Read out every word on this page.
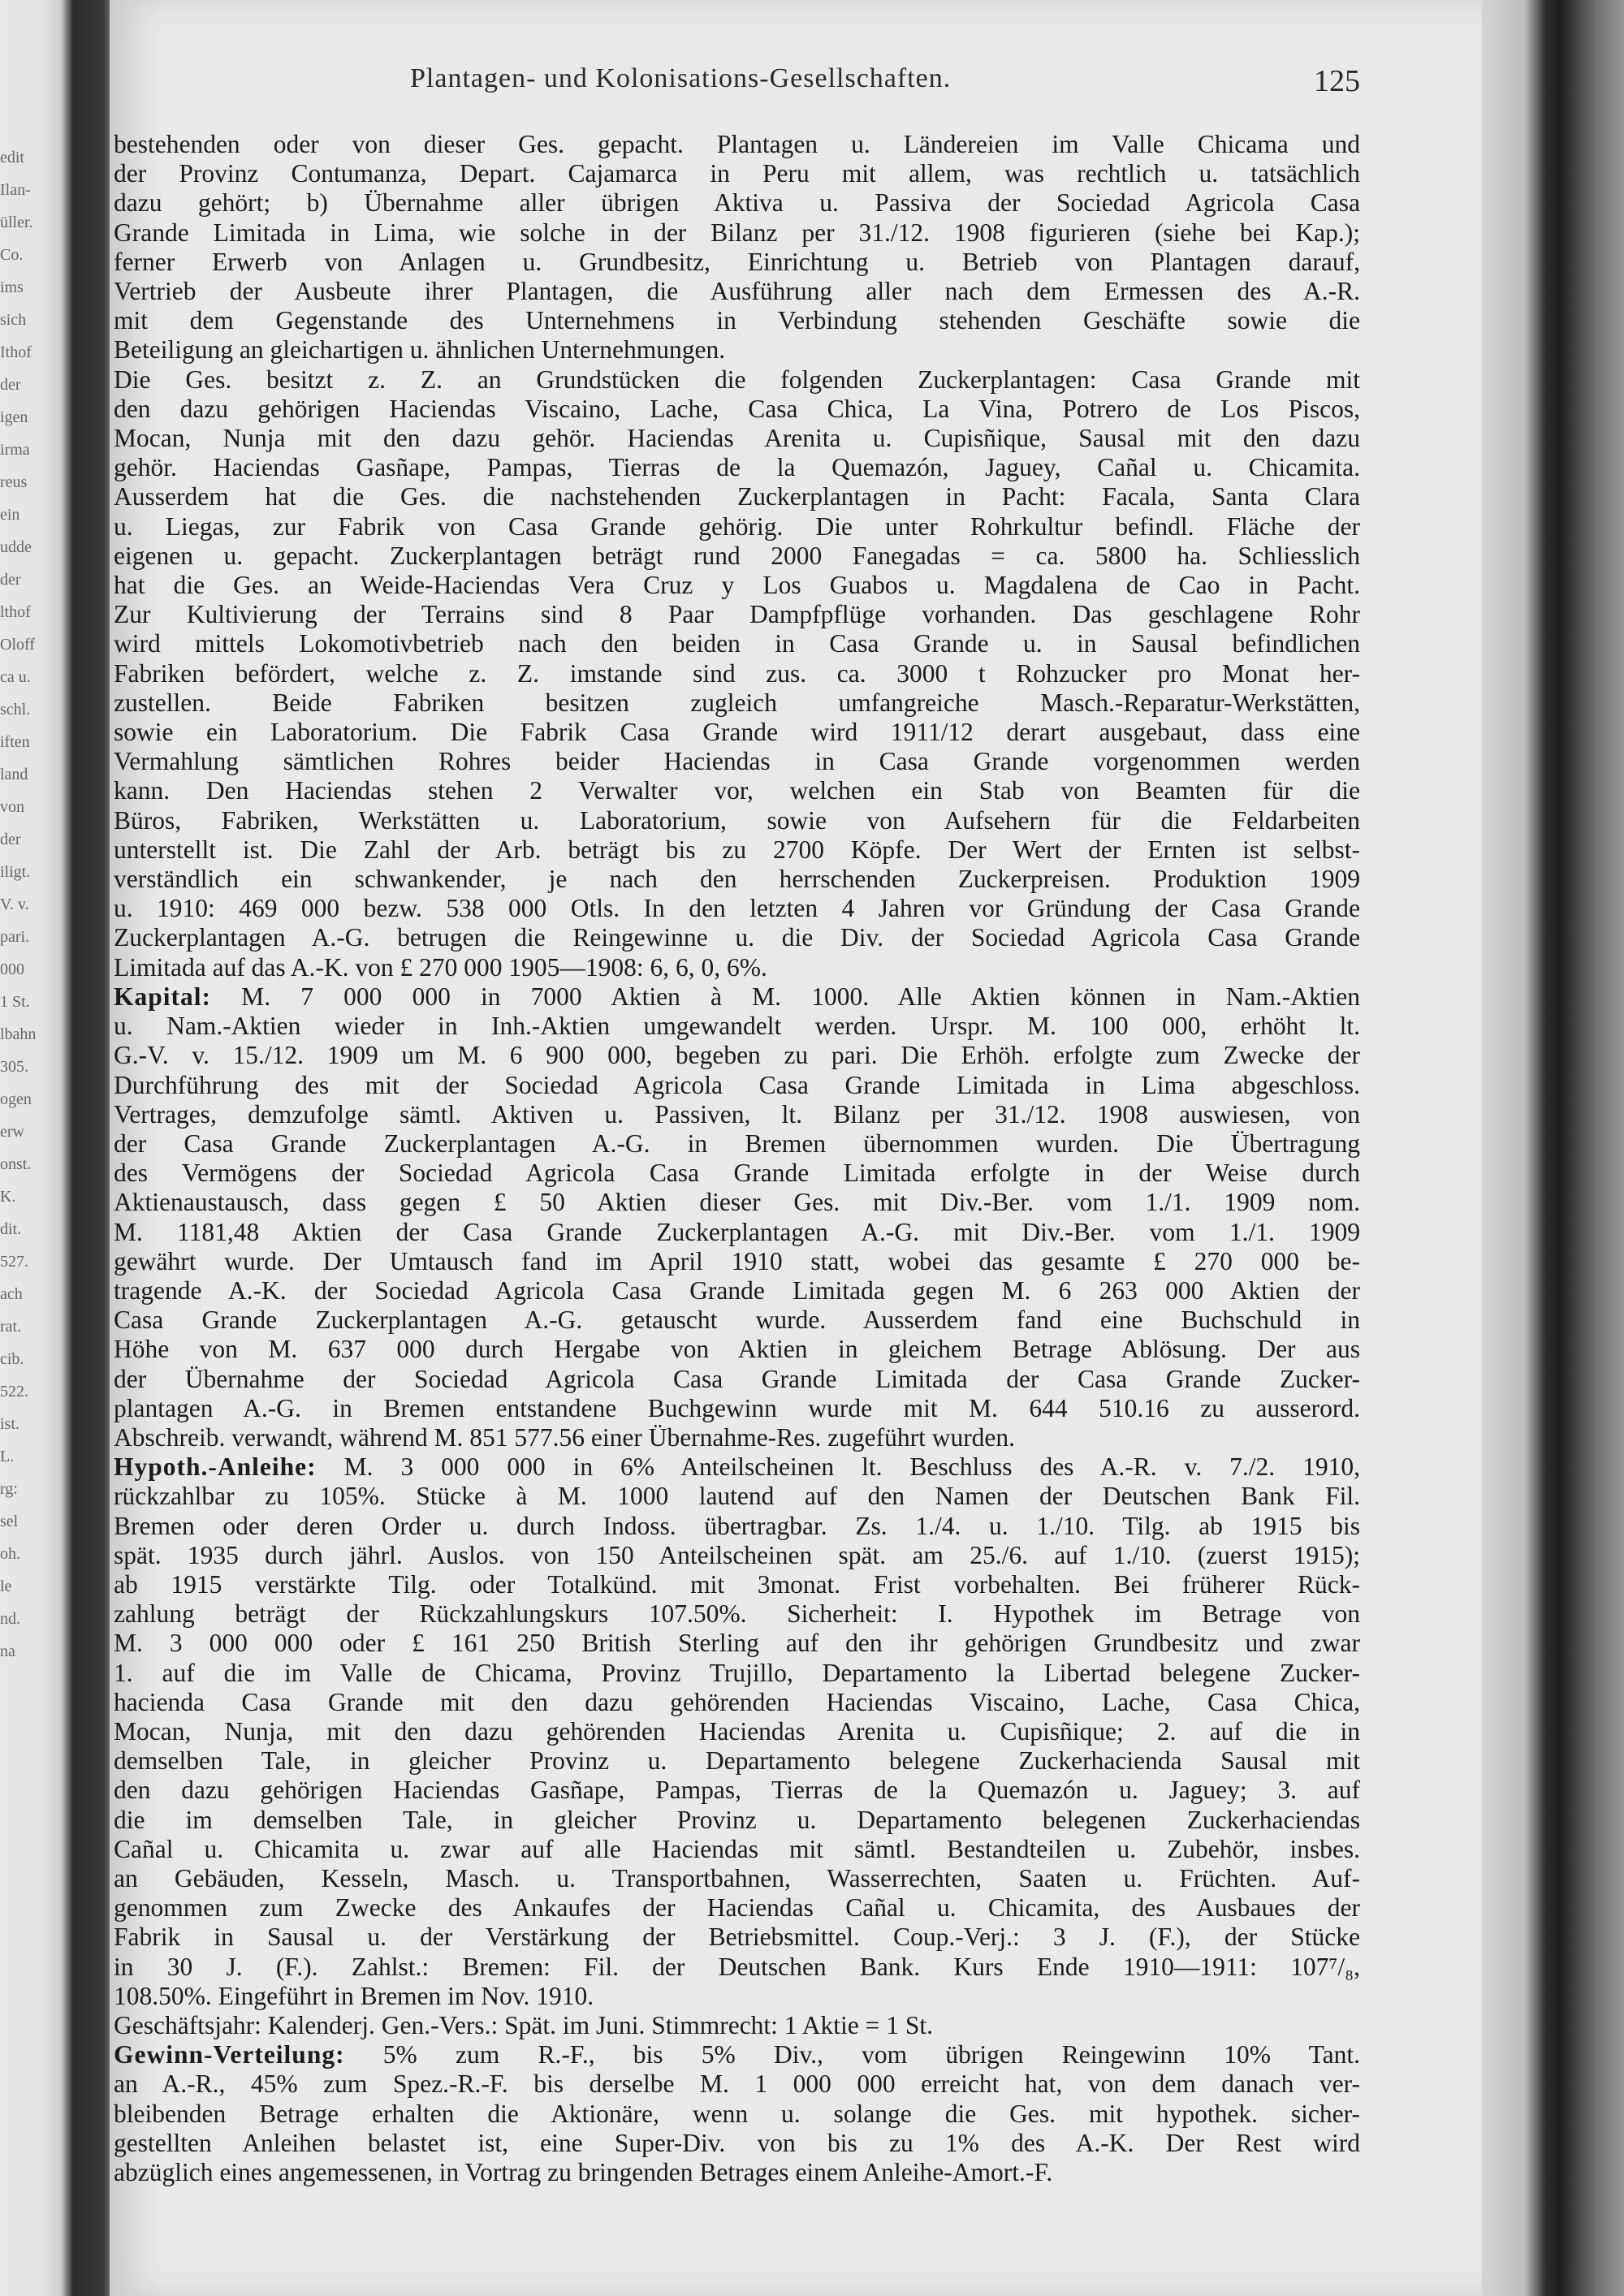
edit
Ilan-
üller.
Co.
ims
sich
Ithof
der
igen
irma
reus
ein
udde
der
lthof
Oloff
ca u.
schl.
iften
land
von
der
iligt.
V. v.
pari.
000
1 St.
lbahn
305.
ogen
erw
onst.
K.
dit.
527.
ach
rat.
cib.
522.
ist.
L.
rg:
sel
oh.
le
nd.
na
Plantagen- und Kolonisations-Gesellschaften.	125

bestehenden oder von dieser Ges. gepacht. Plantagen u. Ländereien im Valle Chicama und

der Provinz Contumanza, Depart. Cajamarca in Peru mit allem, was rechtlich u. tatsächlich

dazu gehört; b) Übernahme aller übrigen Aktiva u. Passiva der Sociedad Agricola Casa

Grande Limitada in Lima, wie solche in der Bilanz per 31./12. 1908 figurieren (siehe bei Kap.);

ferner Erwerb von Anlagen u. Grundbesitz, Einrichtung u. Betrieb von Plantagen darauf,

Vertrieb der Ausbeute ihrer Plantagen, die Ausführung aller nach dem Ermessen des A.-R.

mit dem Gegenstande des Unternehmens in Verbindung stehenden Geschäfte sowie die

Beteiligung an gleichartigen u. ähnlichen Unternehmungen.

Die Ges. besitzt z. Z. an Grundstücken die folgenden Zuckerplantagen: Casa Grande mit

den dazu gehörigen Haciendas Viscaino, Lache, Casa Chica, La Vina, Potrero de Los Piscos,

Mocan, Nunja mit den dazu gehör. Haciendas Arenita u. Cupisñique, Sausal mit den dazu

gehör. Haciendas Gasñape, Pampas, Tierras de la Quemazón, Jaguey, Cañal u. Chicamita.

Ausserdem hat die Ges. die nachstehenden Zuckerplantagen in Pacht: Facala, Santa Clara

u. Liegas, zur Fabrik von Casa Grande gehörig. Die unter Rohrkultur befindl. Fläche der

eigenen u. gepacht. Zuckerplantagen beträgt rund 2000 Fanegadas = ca. 5800 ha. Schliesslich

hat die Ges. an Weide-Haciendas Vera Cruz y Los Guabos u. Magdalena de Cao in Pacht.

Zur Kultivierung der Terrains sind 8 Paar Dampfpflüge vorhanden. Das geschlagene Rohr

wird mittels Lokomotivbetrieb nach den beiden in Casa Grande u. in Sausal befindlichen

Fabriken befördert, welche z. Z. imstande sind zus. ca. 3000 t Rohzucker pro Monat her-

zustellen. Beide Fabriken besitzen zugleich umfangreiche Masch.-Reparatur-Werkstätten,

sowie ein Laboratorium. Die Fabrik Casa Grande wird 1911/12 derart ausgebaut, dass eine

Vermahlung sämtlichen Rohres beider Haciendas in Casa Grande vorgenommen werden

kann. Den Haciendas stehen 2 Verwalter vor, welchen ein Stab von Beamten für die

Büros, Fabriken, Werkstätten u. Laboratorium, sowie von Aufsehern für die Feldarbeiten

unterstellt ist. Die Zahl der Arb. beträgt bis zu 2700 Köpfe. Der Wert der Ernten ist selbst-

verständlich ein schwankender, je nach den herrschenden Zuckerpreisen. Produktion 1909

u. 1910: 469 000 bezw. 538 000 Otls. In den letzten 4 Jahren vor Gründung der Casa Grande

Zuckerplantagen A.-G. betrugen die Reingewinne u. die Div. der Sociedad Agricola Casa Grande

Limitada auf das A.-K. von £ 270 000 1905—1908: 6, 6, 0, 6%.

Kapital: M. 7 000 000 in 7000 Aktien à M. 1000. Alle Aktien können in Nam.-Aktien

u. Nam.-Aktien wieder in Inh.-Aktien umgewandelt werden. Urspr. M. 100 000, erhöht lt.

G.-V. v. 15./12. 1909 um M. 6 900 000, begeben zu pari. Die Erhöh. erfolgte zum Zwecke der

Durchführung des mit der Sociedad Agricola Casa Grande Limitada in Lima abgeschloss.

Vertrages, demzufolge sämtl. Aktiven u. Passiven, lt. Bilanz per 31./12. 1908 auswiesen, von

der Casa Grande Zuckerplantagen A.-G. in Bremen übernommen wurden. Die Übertragung

des Vermögens der Sociedad Agricola Casa Grande Limitada erfolgte in der Weise durch

Aktienaustausch, dass gegen £ 50 Aktien dieser Ges. mit Div.-Ber. vom 1./1. 1909 nom.

M. 1181,48 Aktien der Casa Grande Zuckerplantagen A.-G. mit Div.-Ber. vom 1./1. 1909

gewährt wurde. Der Umtausch fand im April 1910 statt, wobei das gesamte £ 270 000 be-

tragende A.-K. der Sociedad Agricola Casa Grande Limitada gegen M. 6 263 000 Aktien der

Casa Grande Zuckerplantagen A.-G. getauscht wurde. Ausserdem fand eine Buchschuld in

Höhe von M. 637 000 durch Hergabe von Aktien in gleichem Betrage Ablösung. Der aus

der Übernahme der Sociedad Agricola Casa Grande Limitada der Casa Grande Zucker-

plantagen A.-G. in Bremen entstandene Buchgewinn wurde mit M. 644 510.16 zu ausserord.

Abschreib. verwandt, während M. 851 577.56 einer Übernahme-Res. zugeführt wurden.

Hypoth.-Anleihe: M. 3 000 000 in 6% Anteilscheinen lt. Beschluss des A.-R. v. 7./2. 1910,

rückzahlbar zu 105%. Stücke à M. 1000 lautend auf den Namen der Deutschen Bank Fil.

Bremen oder deren Order u. durch Indoss. übertragbar. Zs. 1./4. u. 1./10. Tilg. ab 1915 bis

spät. 1935 durch jährl. Auslos. von 150 Anteilscheinen spät. am 25./6. auf 1./10. (zuerst 1915);

ab 1915 verstärkte Tilg. oder Totalkünd. mit 3monat. Frist vorbehalten. Bei früherer Rück-

zahlung beträgt der Rückzahlungskurs 107.50%. Sicherheit: I. Hypothek im Betrage von

M. 3 000 000 oder £ 161 250 British Sterling auf den ihr gehörigen Grundbesitz und zwar

1. auf die im Valle de Chicama, Provinz Trujillo, Departamento la Libertad belegene Zucker-

hacienda Casa Grande mit den dazu gehörenden Haciendas Viscaino, Lache, Casa Chica,

Mocan, Nunja, mit den dazu gehörenden Haciendas Arenita u. Cupisñique; 2. auf die in

demselben Tale, in gleicher Provinz u. Departamento belegene Zuckerhacienda Sausal mit

den dazu gehörigen Haciendas Gasñape, Pampas, Tierras de la Quemazón u. Jaguey; 3. auf

die im demselben Tale, in gleicher Provinz u. Departamento belegenen Zuckerhaciendas

Cañal u. Chicamita u. zwar auf alle Haciendas mit sämtl. Bestandteilen u. Zubehör, insbes.

an Gebäuden, Kesseln, Masch. u. Transportbahnen, Wasserrechten, Saaten u. Früchten. Auf-

genommen zum Zwecke des Ankaufes der Haciendas Cañal u. Chicamita, des Ausbaues der

Fabrik in Sausal u. der Verstärkung der Betriebsmittel. Coup.-Verj.: 3 J. (F.), der Stücke

in 30 J. (F.). Zahlst.: Bremen: Fil. der Deutschen Bank. Kurs Ende 1910—1911: 107⁷/₈,

108.50%. Eingeführt in Bremen im Nov. 1910.

Geschäftsjahr: Kalenderj. Gen.-Vers.: Spät. im Juni. Stimmrecht: 1 Aktie = 1 St.

Gewinn-Verteilung: 5% zum R.-F., bis 5% Div., vom übrigen Reingewinn 10% Tant.

an A.-R., 45% zum Spez.-R.-F. bis derselbe M. 1 000 000 erreicht hat, von dem danach ver-

bleibenden Betrage erhalten die Aktionäre, wenn u. solange die Ges. mit hypothek. sicher-

gestellten Anleihen belastet ist, eine Super-Div. von bis zu 1% des A.-K. Der Rest wird

abzüglich eines angemessenen, in Vortrag zu bringenden Betrages einem Anleihe-Amort.-F.
